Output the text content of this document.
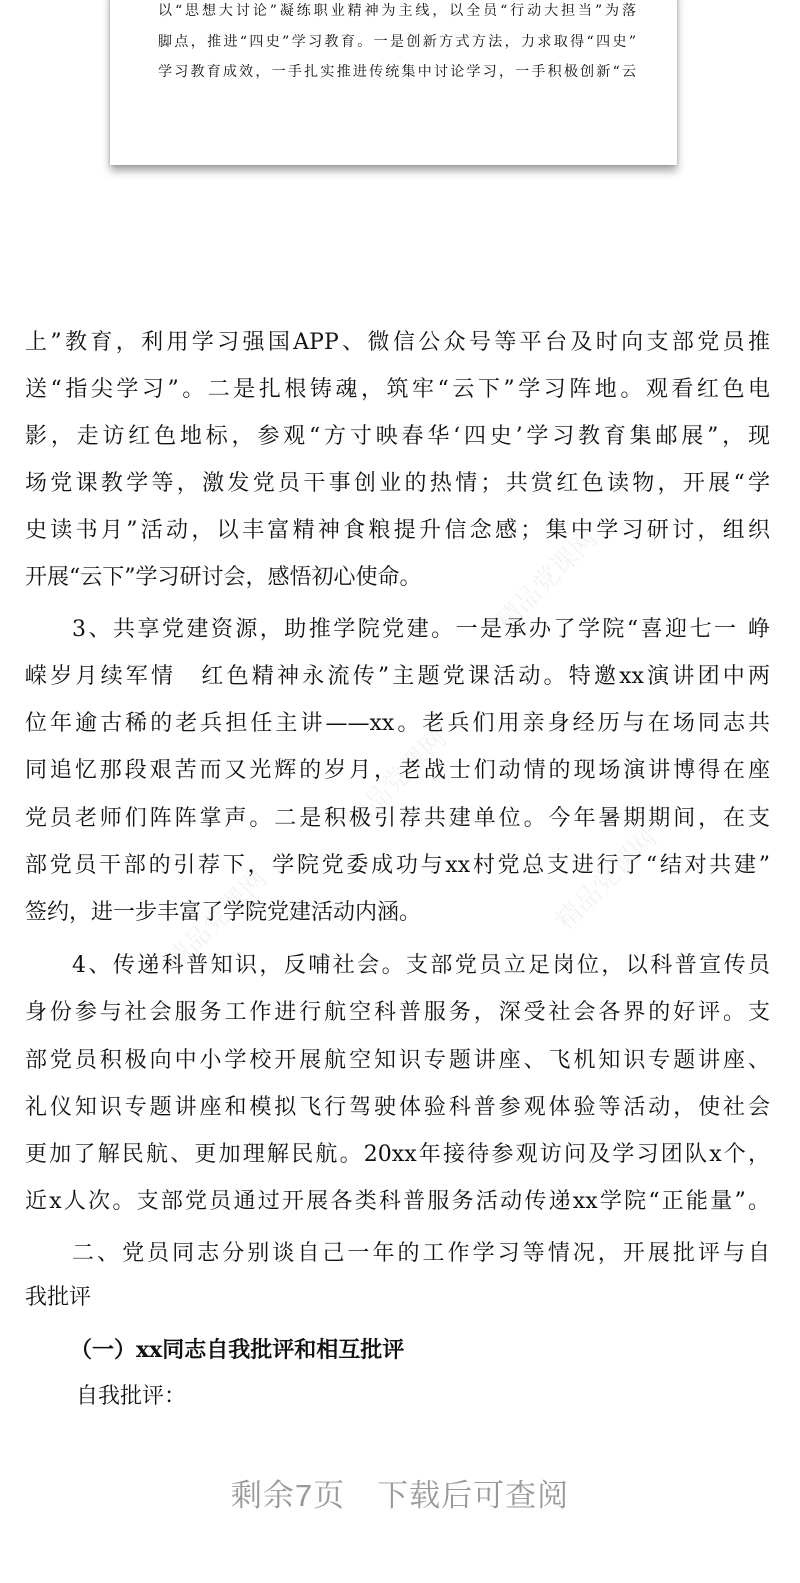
以“思想大讨论”凝练职业精神为主线，以全员“行动大担当”为落
脚点，推进“四史”学习教育。一是创新方式方法，力求取得“四史”
学习教育成效，一手扎实推进传统集中讨论学习，一手积极创新“云
精品党课网
精品党课网
精品党课网
精品党课网
上”教育，利用学习强国APP、微信公众号等平台及时向支部党员推
送“指尖学习”。二是扎根铸魂，筑牢“云下”学习阵地。观看红色电
影，走访红色地标，参观“方寸映春华‘四史’学习教育集邮展”，现
场党课教学等，激发党员干事创业的热情；共赏红色读物，开展“学
史读书月”活动，以丰富精神食粮提升信念感；集中学习研讨，组织
开展“云下”学习研讨会，感悟初心使命。
3、共享党建资源，助推学院党建。一是承办了学院“喜迎七一 峥
嵘岁月续军情　红色精神永流传”主题党课活动。特邀xx演讲团中两
位年逾古稀的老兵担任主讲——xx。老兵们用亲身经历与在场同志共
同追忆那段艰苦而又光辉的岁月，老战士们动情的现场演讲博得在座
党员老师们阵阵掌声。二是积极引荐共建单位。今年暑期期间，在支
部党员干部的引荐下，学院党委成功与xx村党总支进行了“结对共建”
签约，进一步丰富了学院党建活动内涵。
4、传递科普知识，反哺社会。支部党员立足岗位，以科普宣传员
身份参与社会服务工作进行航空科普服务，深受社会各界的好评。支
部党员积极向中小学校开展航空知识专题讲座、飞机知识专题讲座、
礼仪知识专题讲座和模拟飞行驾驶体验科普参观体验等活动，使社会
更加了解民航、更加理解民航。20xx年接待参观访问及学习团队x个，
近x人次。支部党员通过开展各类科普服务活动传递xx学院“正能量”。
二、党员同志分别谈自己一年的工作学习等情况，开展批评与自
我批评
（一）xx同志自我批评和相互批评
自我批评：
剩余7页　下载后可查阅
